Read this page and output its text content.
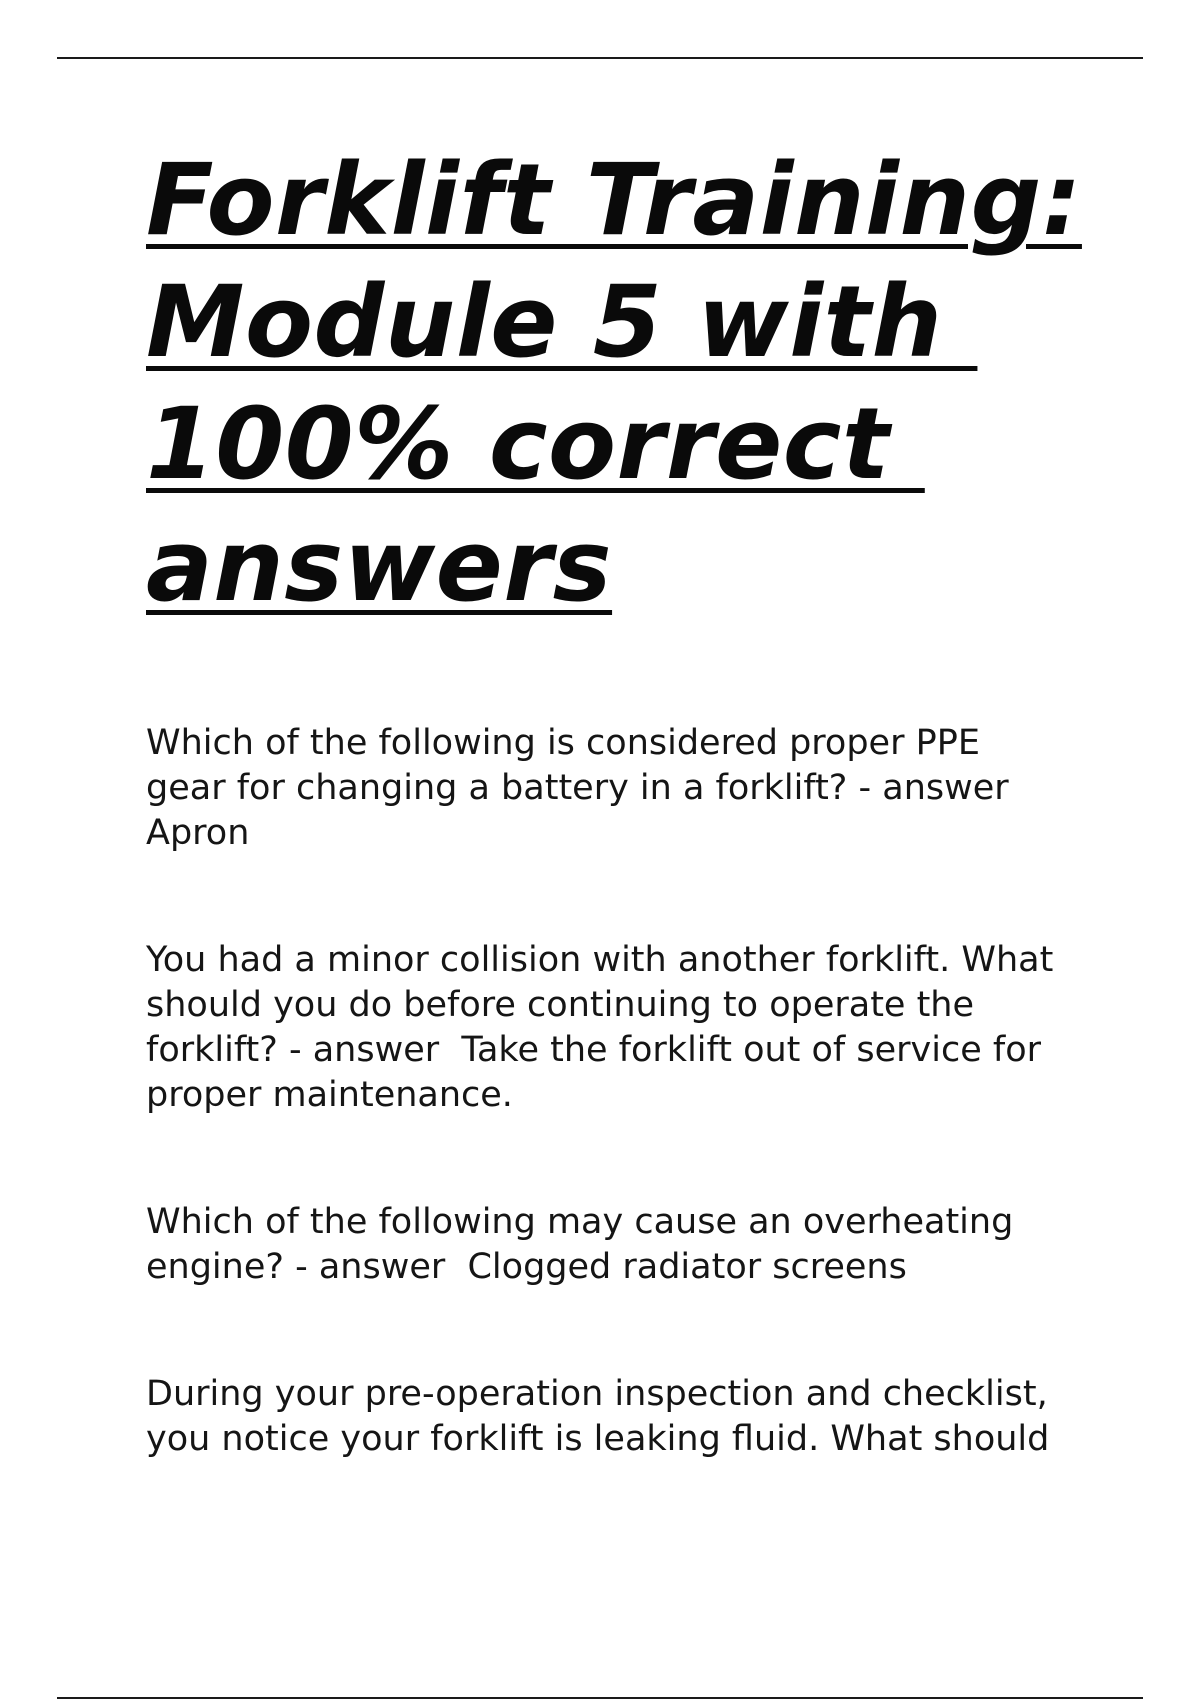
Forklift Training:
Module 5 with
100% correct
answers

Which of the following is considered proper PPE
gear for changing a battery in a forklift? - answer
Apron

You had a minor collision with another forklift. What
should you do before continuing to operate the
forklift? - answer  Take the forklift out of service for
proper maintenance.

Which of the following may cause an overheating
engine? - answer  Clogged radiator screens

During your pre-operation inspection and checklist,
you notice your forklift is leaking fluid. What should
